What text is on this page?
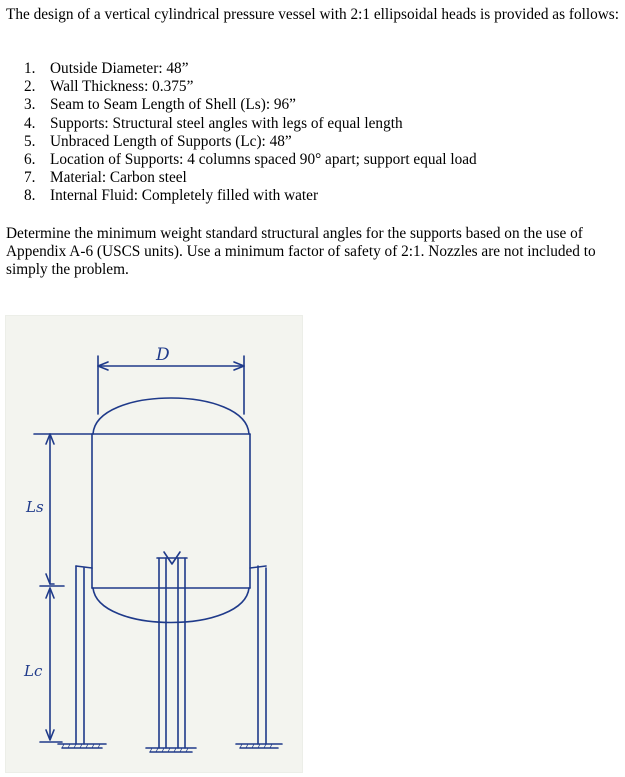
The design of a vertical cylindrical pressure vessel with 2:1 ellipsoidal heads is provided as follows:
1. Outside Diameter: 48”
2. Wall Thickness: 0.375”
3. Seam to Seam Length of Shell (Ls): 96”
4. Supports: Structural steel angles with legs of equal length
5. Unbraced Length of Supports (Lc): 48”
6. Location of Supports: 4 columns spaced 90° apart; support equal load
7. Material: Carbon steel
8. Internal Fluid: Completely filled with water
Determine the minimum weight standard structural angles for the supports based on the use of Appendix A-6 (USCS units). Use a minimum factor of safety of 2:1. Nozzles are not included to simply the problem.
D
Ls
Lc
